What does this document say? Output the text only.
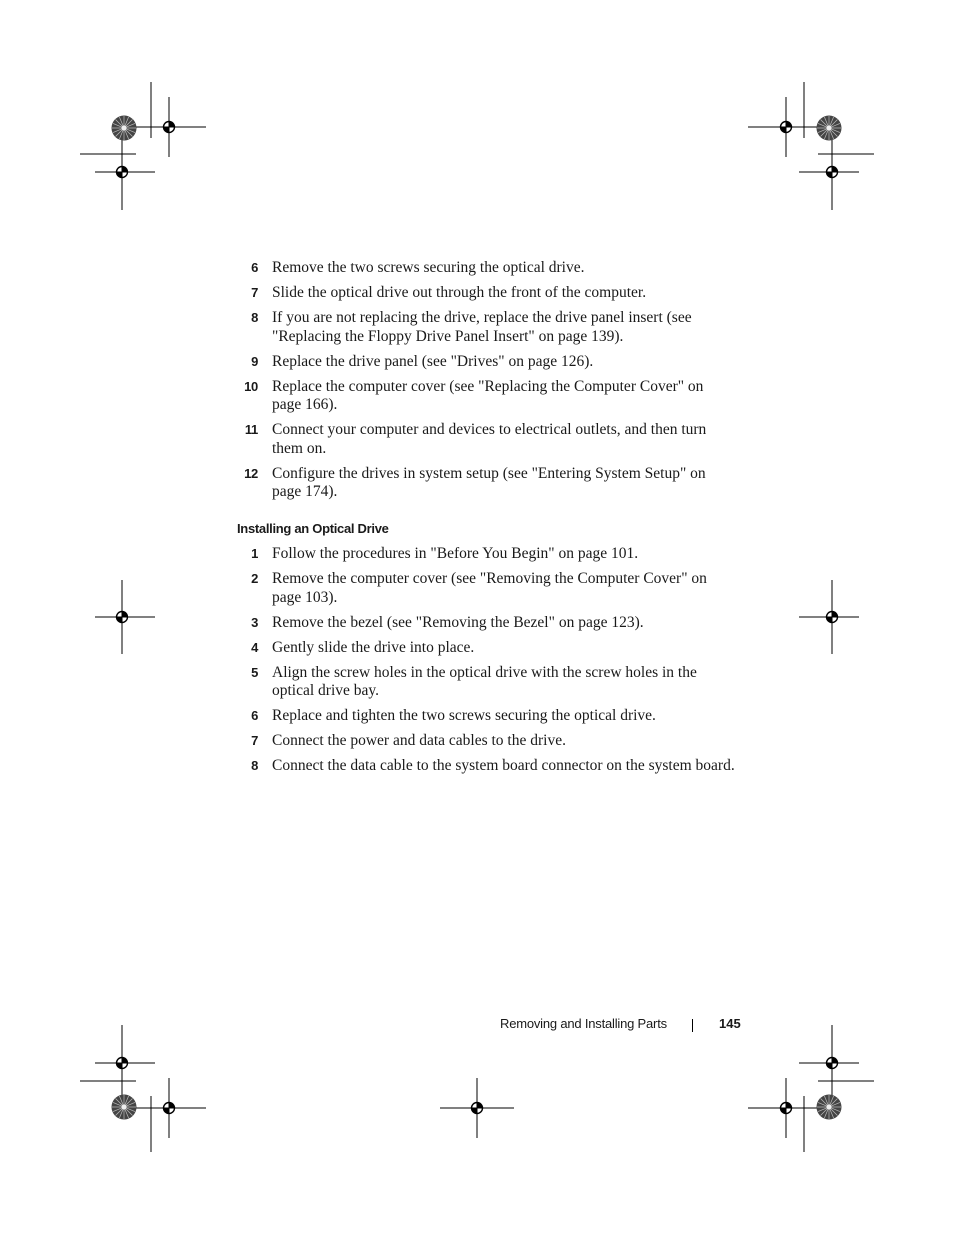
6 Remove the two screws securing the optical drive.
7 Slide the optical drive out through the front of the computer.
8 If you are not replacing the drive, replace the drive panel insert (see "Replacing the Floppy Drive Panel Insert" on page 139).
9 Replace the drive panel (see "Drives" on page 126).
10 Replace the computer cover (see "Replacing the Computer Cover" on page 166).
11 Connect your computer and devices to electrical outlets, and then turn them on.
12 Configure the drives in system setup (see "Entering System Setup" on page 174).
Installing an Optical Drive
1 Follow the procedures in "Before You Begin" on page 101.
2 Remove the computer cover (see "Removing the Computer Cover" on page 103).
3 Remove the bezel (see "Removing the Bezel" on page 123).
4 Gently slide the drive into place.
5 Align the screw holes in the optical drive with the screw holes in the optical drive bay.
6 Replace and tighten the two screws securing the optical drive.
7 Connect the power and data cables to the drive.
8 Connect the data cable to the system board connector on the system board.
Removing and Installing Parts	145
